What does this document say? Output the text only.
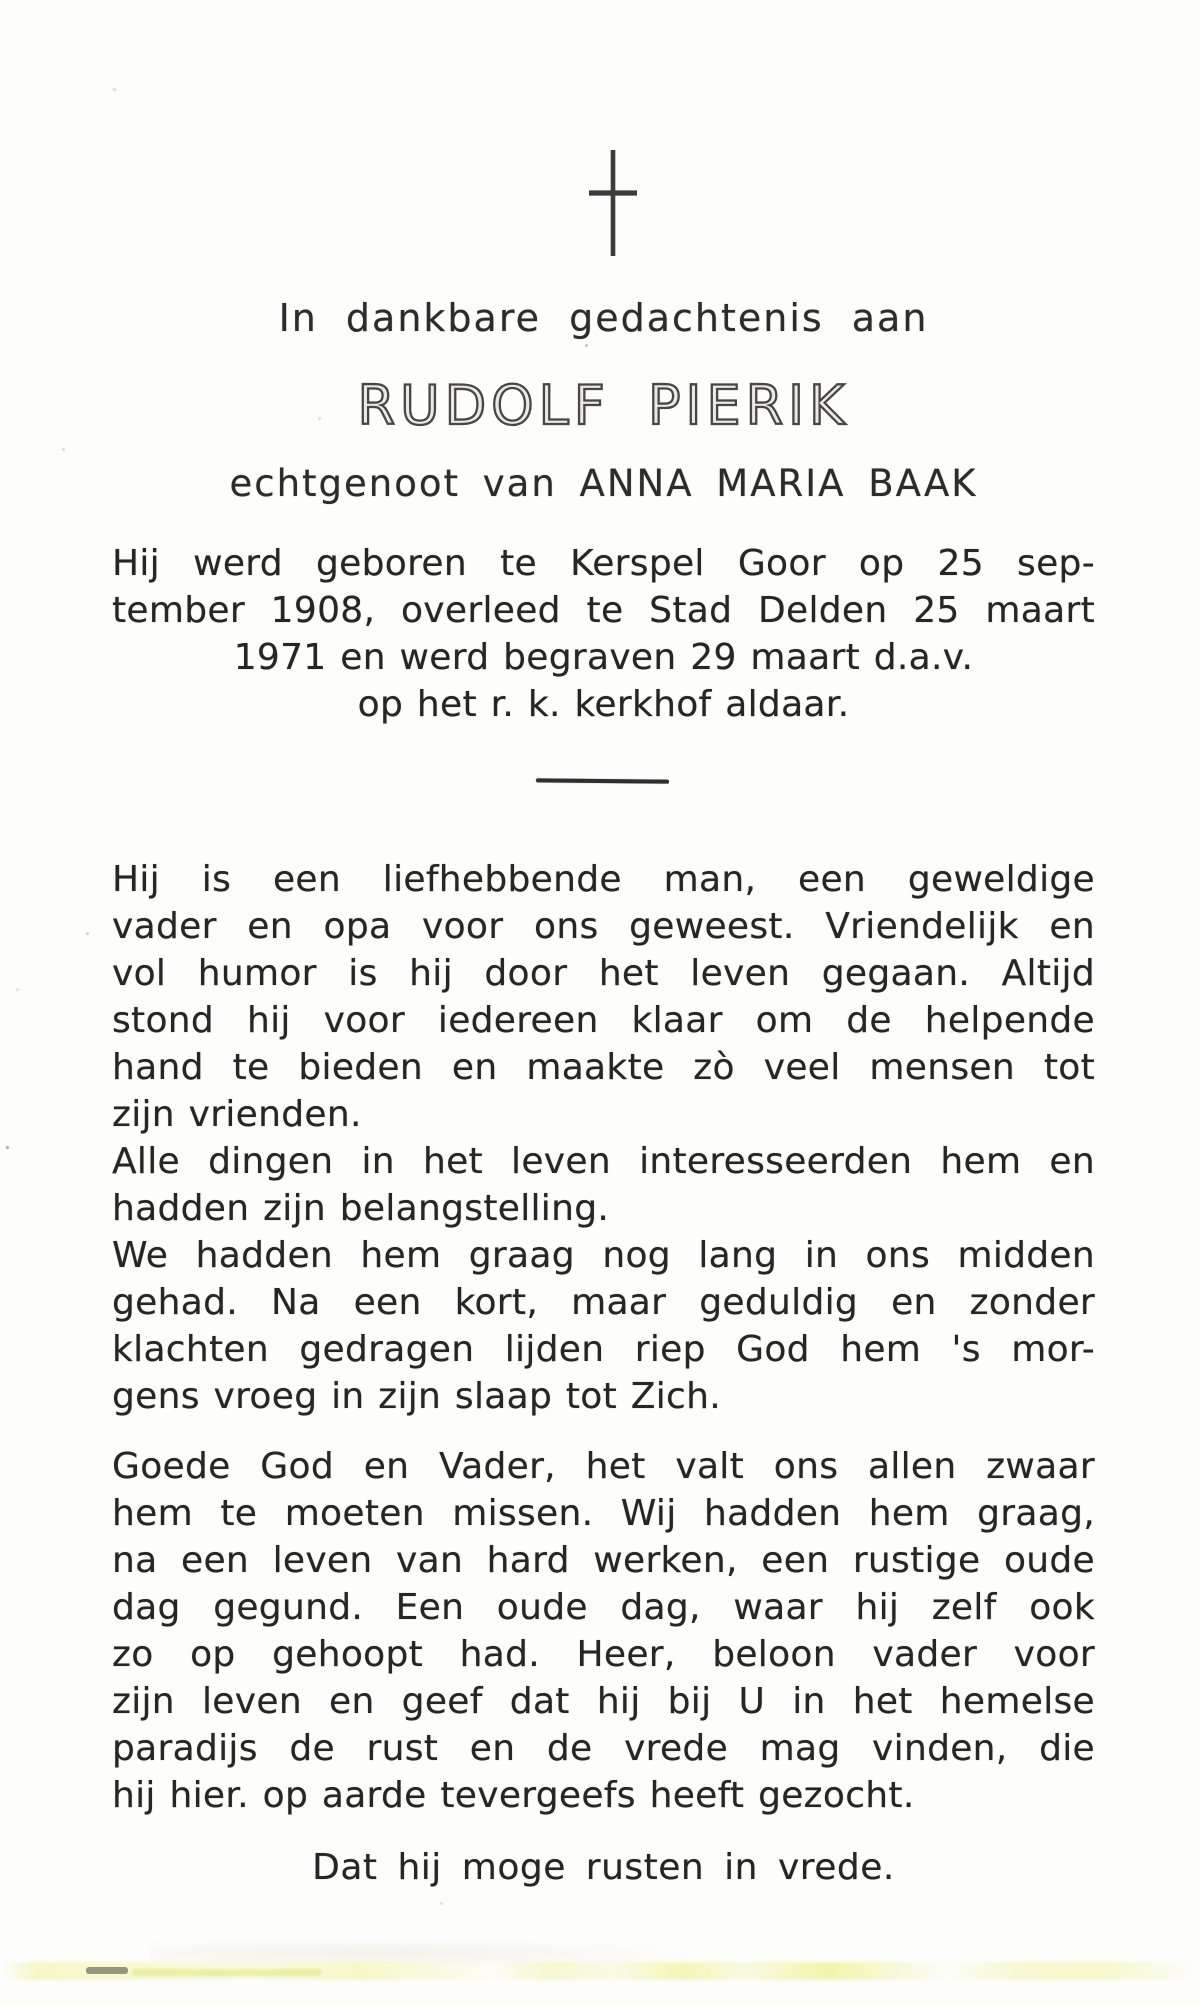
In dankbare gedachtenis aan
RUDOLF PIERIK
echtgenoot van ANNA MARIA BAAK
Hij werd geboren te Kerspel Goor op 25 sep-
tember 1908, overleed te Stad Delden 25 maart
1971 en werd begraven 29 maart d.a.v.
op het r. k. kerkhof aldaar.
Hij is een liefhebbende man, een geweldige
vader en opa voor ons geweest. Vriendelijk en
vol humor is hij door het leven gegaan. Altijd
stond hij voor iedereen klaar om de helpende
hand te bieden en maakte zò veel mensen tot
zijn vrienden.
Alle dingen in het leven interesseerden hem en
hadden zijn belangstelling.
We hadden hem graag nog lang in ons midden
gehad. Na een kort, maar geduldig en zonder
klachten gedragen lijden riep God hem 's mor-
gens vroeg in zijn slaap tot Zich.
Goede God en Vader, het valt ons allen zwaar
hem te moeten missen. Wij hadden hem graag,
na een leven van hard werken, een rustige oude
dag gegund. Een oude dag, waar hij zelf ook
zo op gehoopt had. Heer, beloon vader voor
zijn leven en geef dat hij bij U in het hemelse
paradijs de rust en de vrede mag vinden, die
hij hier. op aarde tevergeefs heeft gezocht.
Dat hij moge rusten in vrede.
